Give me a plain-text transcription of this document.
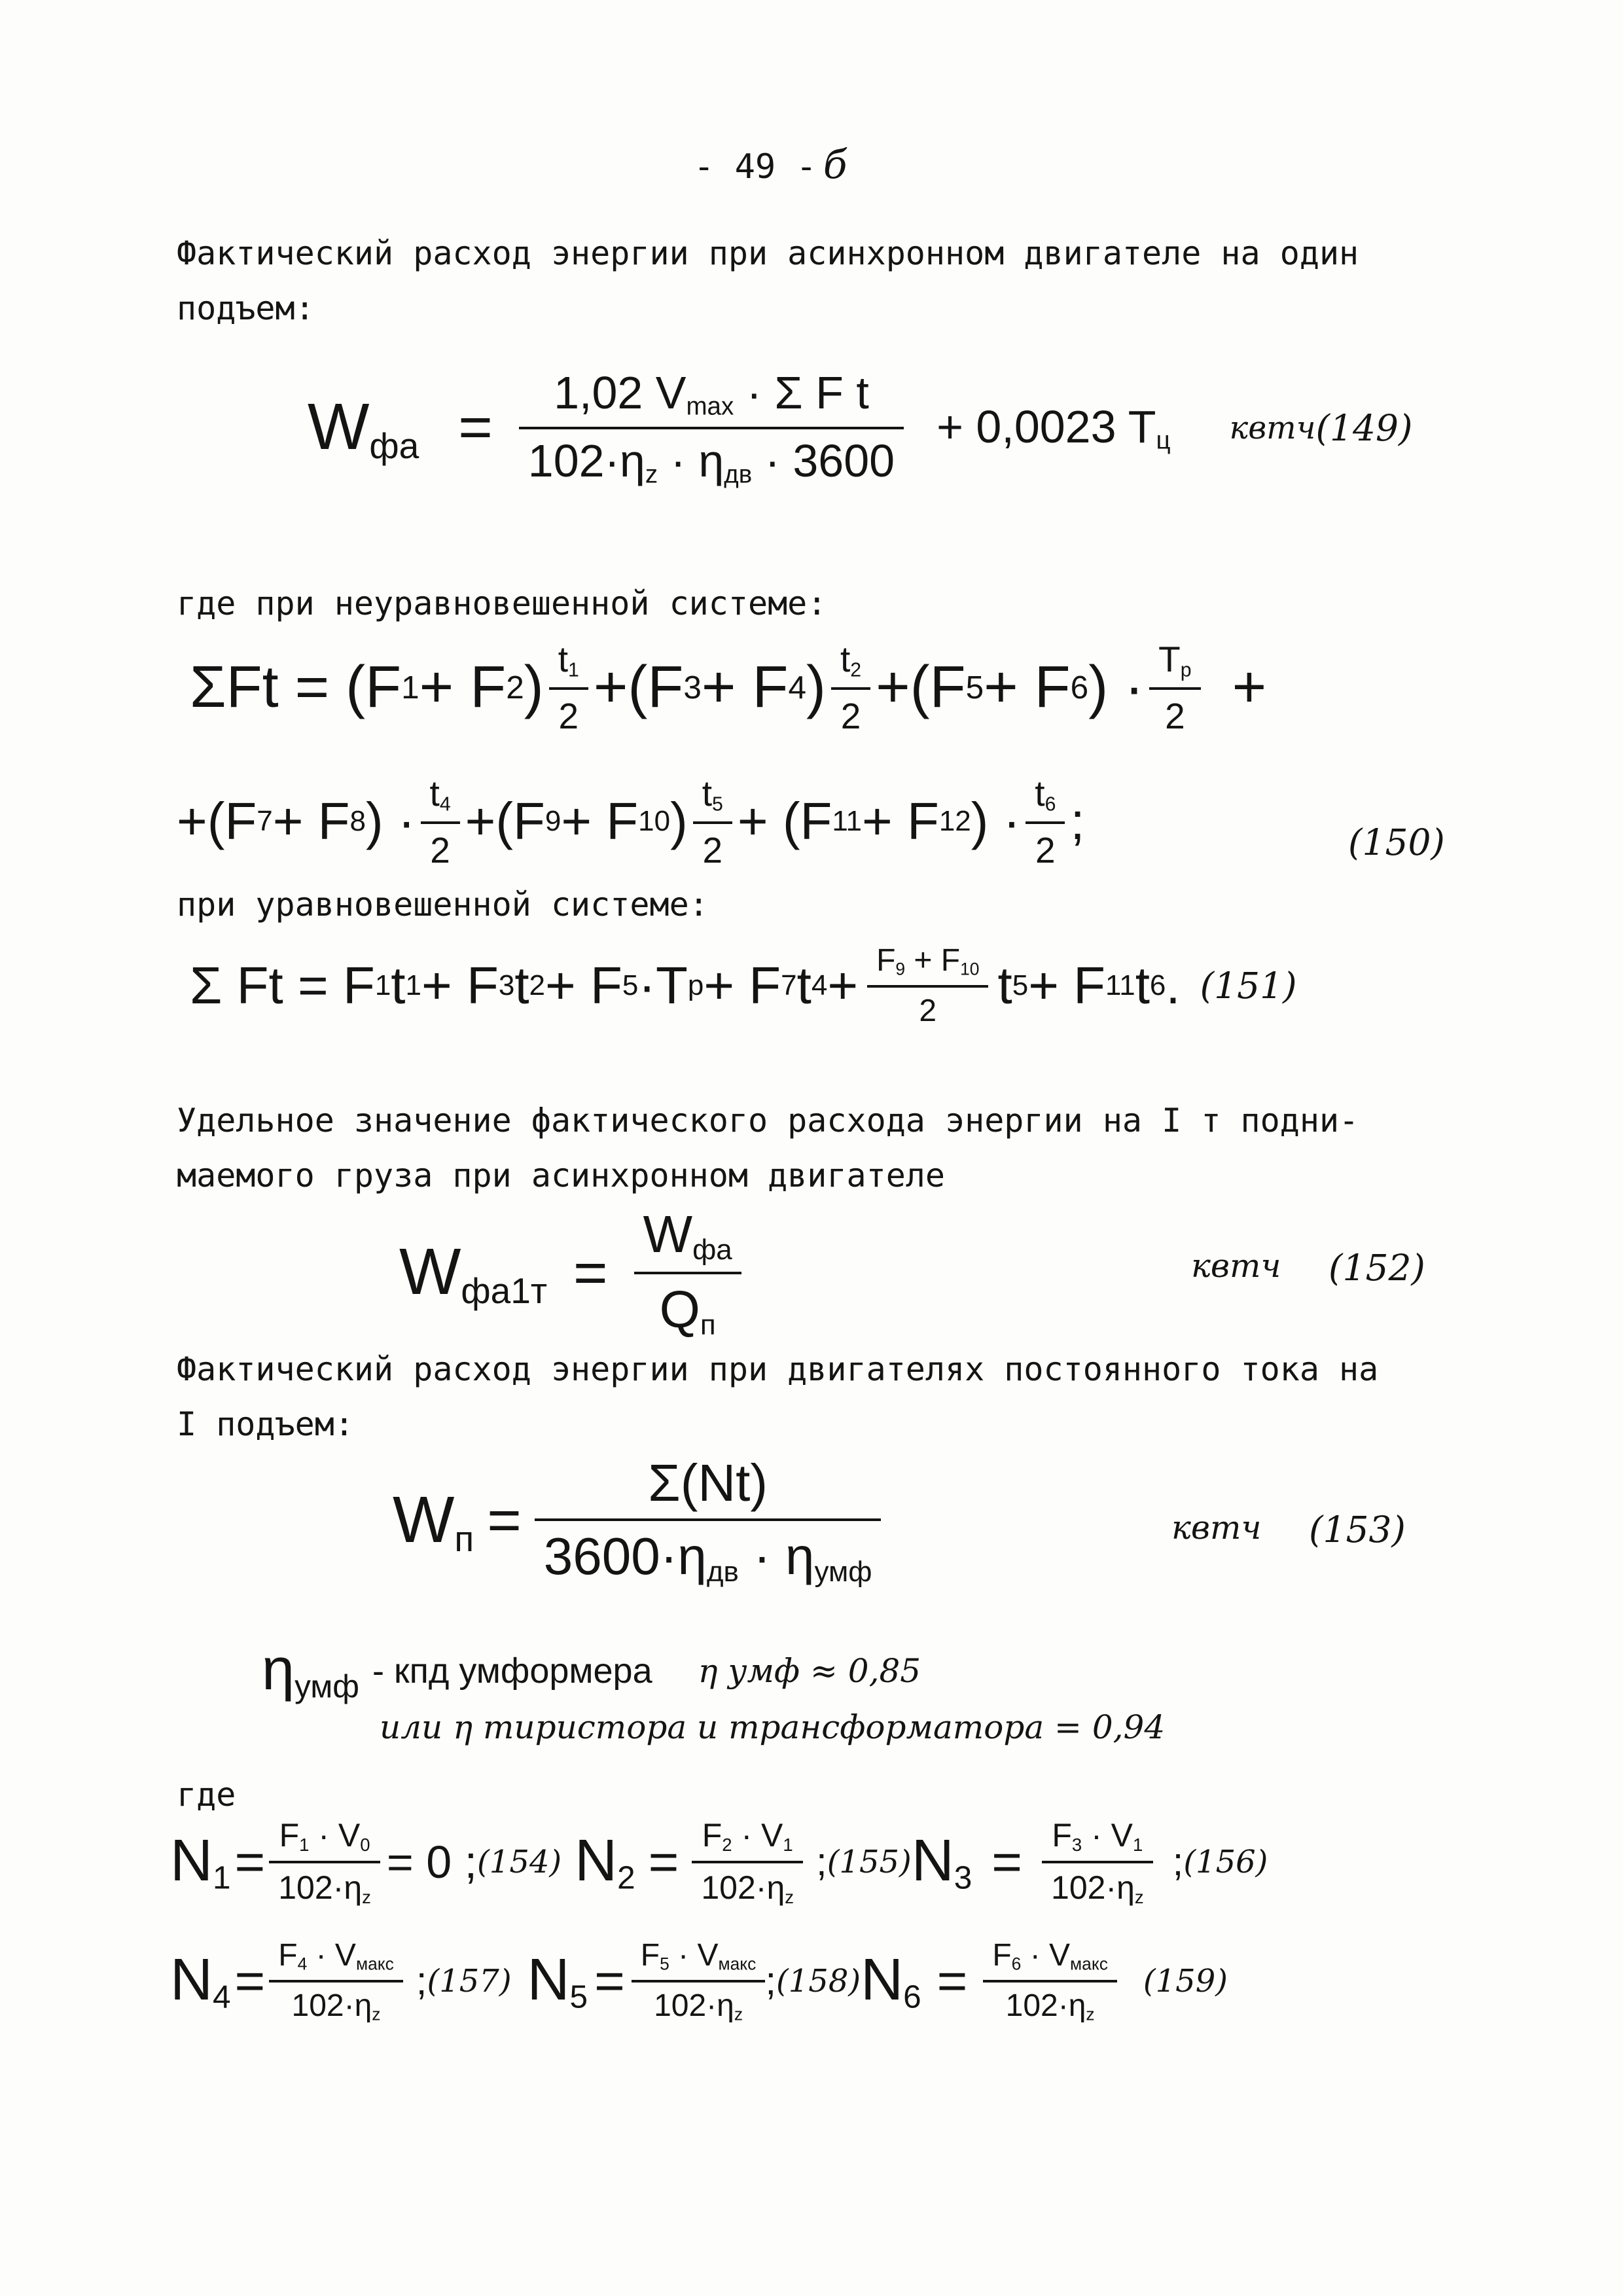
- 49 - б
Фактический расход энергии при асинхронном двигателе на один
подъем:
$W_{фа} = \frac{1,02 V_{max} \cdot \Sigma F t}{102\cdot\eta_z \cdot \eta_{дв} \cdot 3600} + 0,0023$ $T_ц$ квтч (149)
где при неуравновешенной системе:
ΣFt = (F 1 + F 2 ) $\frac{t_1}{2} +(F$ 3 + F 4 ) $\frac{t_2}{2} +(F$ 5 + F 6 ) · $\frac{T_p}{2}$ +
+(F 7 + F 8 ) · $\frac{t_4}{2} +(F$ 9 + F 10 ) $\frac{t_5}{2} + (F$ 11 + F 12 ) · $\frac{t_6}{2}$ ;	(150)
при уравновешенной системе:
Σ Ft = F 1 t 1 + F 3 t 2 + F 5 ·T p + F 7 t $4 + \frac{F_9 + F_{10}}{2}$ t 5 + F 11 t 6 . (151)
Удельное значение фактического расхода энергии на I т подни-
маемого груза при асинхронном двигателе
$W_{фа1т} = \frac{W_{фа}}{Q_п}$	квтч (152)
Фактический расход энергии при двигателях постоянного тока на
I подъем:
$W_п = \frac{\Sigma(Nt)}{3600\cdot\eta_{дв} \cdot \eta_{умф}}$	квтч (153)
$\eta_{умф}$ - кпд умформера η умф ≈ 0,85
или η тиристора и трансформатора = 0,94
где
$N_1 = \frac{F_1 \cdot V_0}{102\cdot\eta_z} = 0$ ; (154) $N_2 = \frac{F_2 \cdot V_1}{102\cdot\eta_z}$ ; (155) $N_3 = \frac{F_3 \cdot V_1}{102\cdot\eta_z}$ ; (156)
$N_4 = \frac{F_4 \cdot V_{макс}}{102\cdot\eta_z}$ ; (157) $N_5 = \frac{F_5 \cdot V_{макс}}{102\cdot\eta_z}$ ; (158) $N_6 = \frac{F_6 \cdot V_{макс}}{102\cdot\eta_z} (159)$
